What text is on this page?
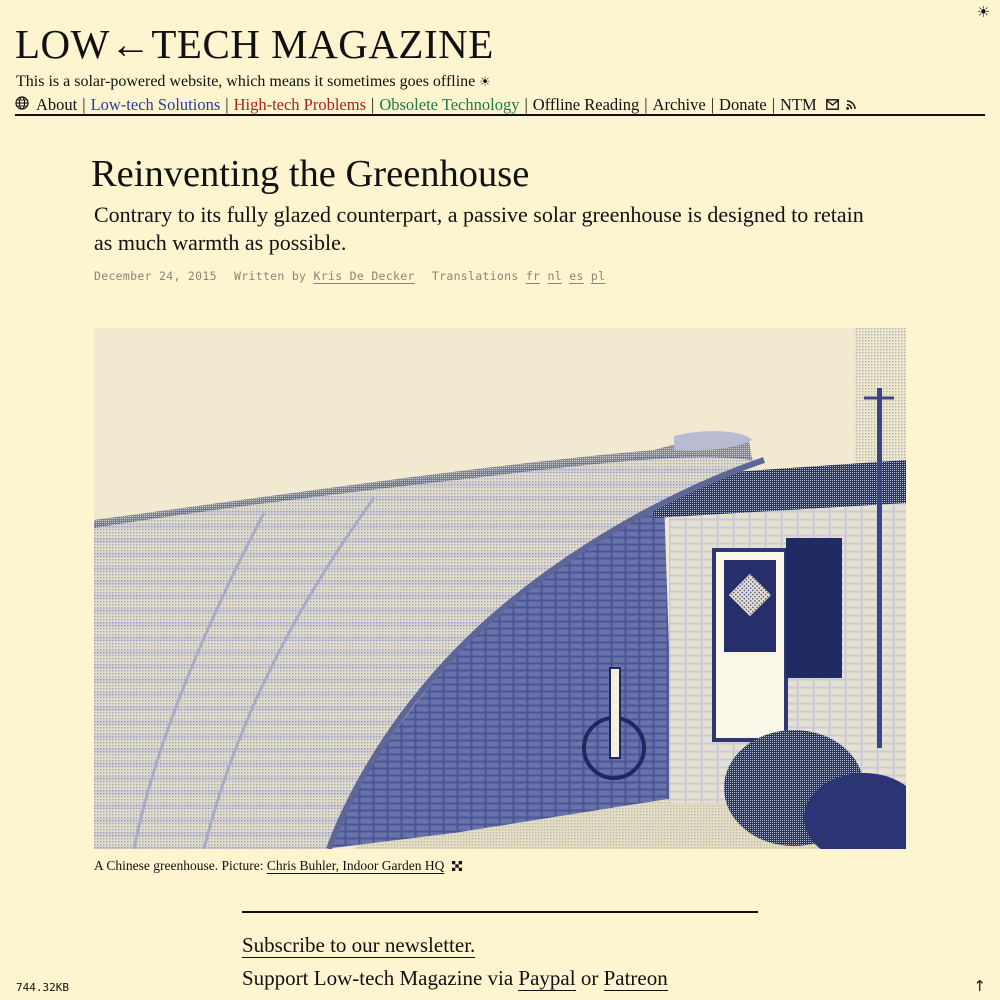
☀
LOW←TECH MAGAZINE
This is a solar-powered website, which means it sometimes goes offline ☀
About | Low-tech Solutions | High-tech Problems | Obsolete Technology | Offline Reading | Archive | Donate | NTM
Reinventing the Greenhouse

Contrary to its fully glazed counterpart, a passive solar greenhouse is designed to retain as much warmth as possible.

December 24, 2015 Written by Kris De Decker Translations fr nl es pl
A Chinese greenhouse. Picture: Chris Buhler, Indoor Garden HQ
Subscribe to our newsletter.
Support Low-tech Magazine via Paypal or Patreon
744.32KB	↑
